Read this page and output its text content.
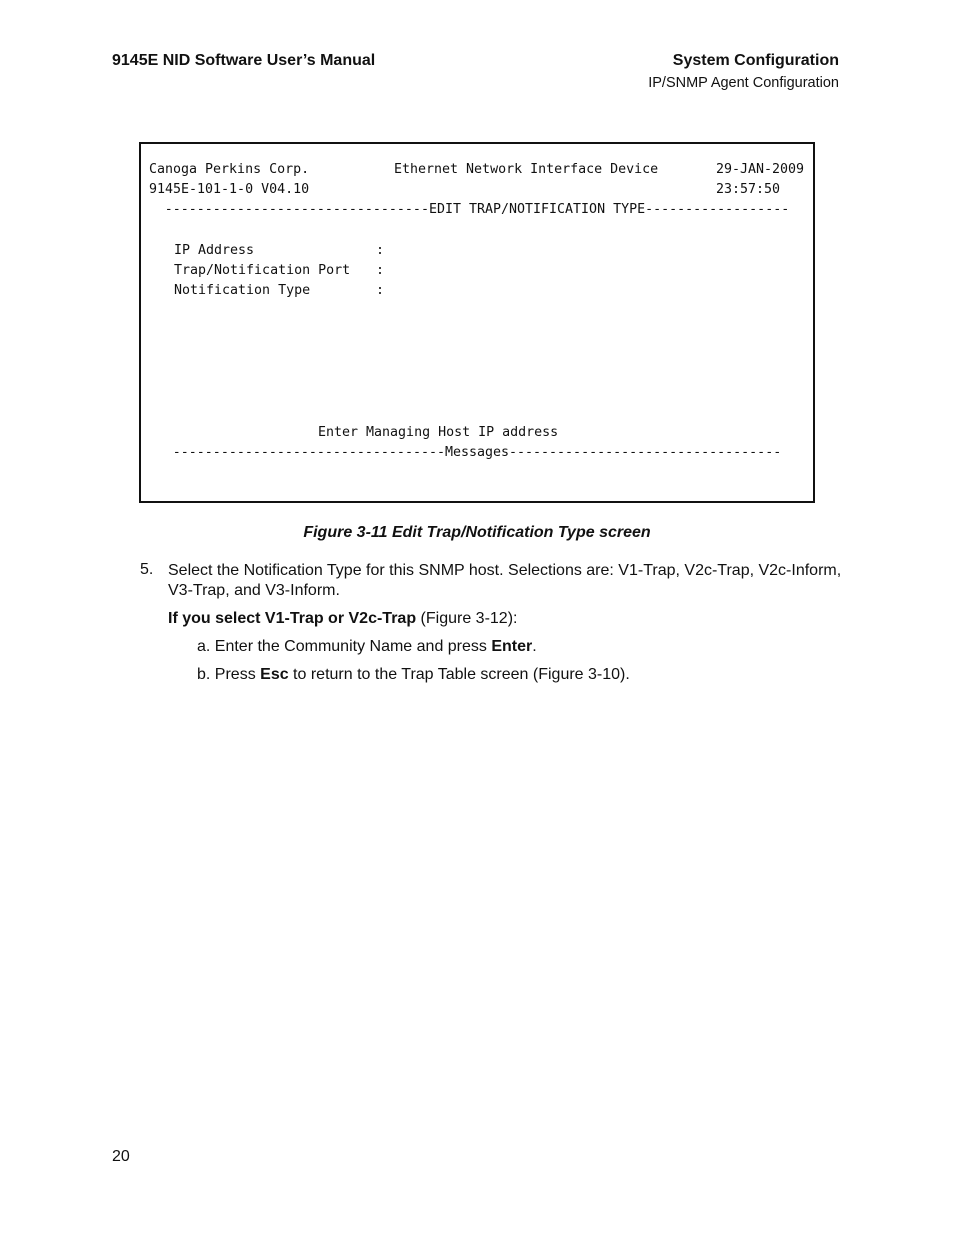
9145E NID Software User’s Manual	System Configuration
IP/SNMP Agent Configuration
Canoga Perkins Corp.	Ethernet Network Interface Device	29-JAN-2009
9145E-101-1-0 V04.10	23:57:50
---------------------------------EDIT TRAP/NOTIFICATION TYPE------------------
IP Address	:
Trap/Notification Port :
Notification Type	:
Enter Managing Host IP address
----------------------------------Messages----------------------------------
Figure 3-11 Edit Trap/Notification Type screen
5. Select the Notification Type for this SNMP host. Selections are: V1-Trap, V2c-Trap, V2c-Inform, V3-Trap, and V3-Inform.
If you select V1-Trap or V2c-Trap (Figure 3-12):
a. Enter the Community Name and press Enter.
b. Press Esc to return to the Trap Table screen (Figure 3-10).
20
